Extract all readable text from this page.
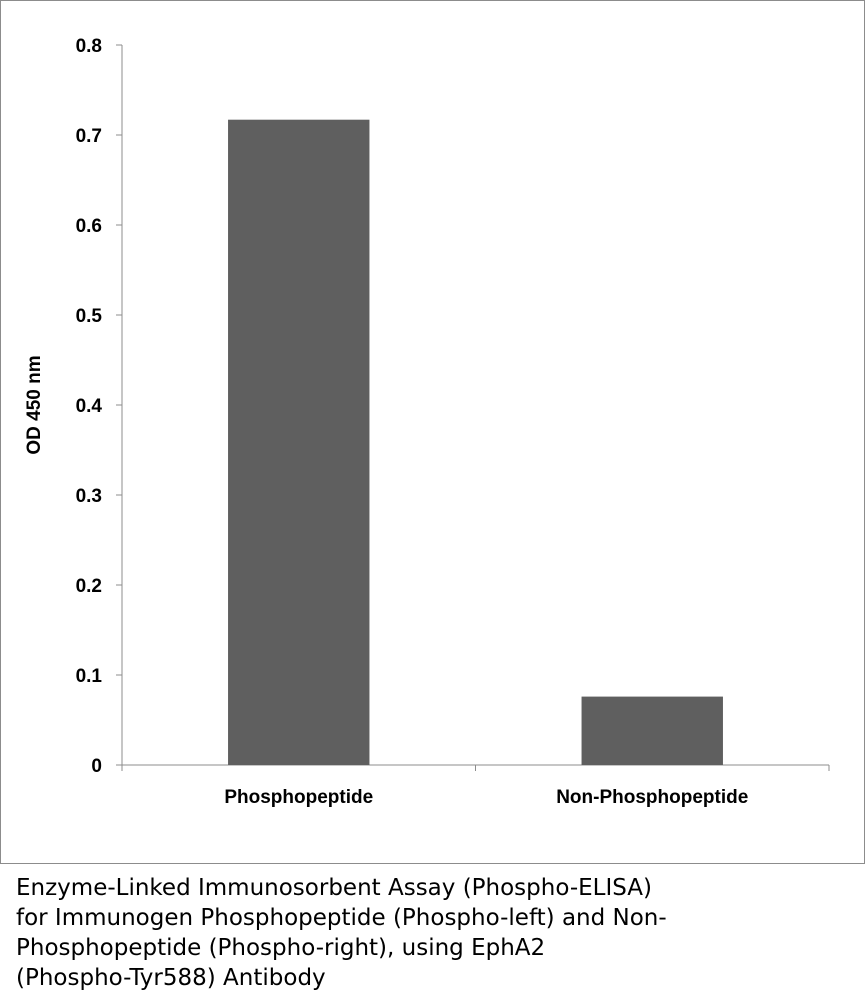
0
0.1
0.2
0.3
0.4
0.5
0.6
0.7
0.8
Phosphopeptide	Non-Phosphopeptide
OD 450 nm
Enzyme-Linked Immunosorbent Assay (Phospho-ELISA)
for Immunogen Phosphopeptide (Phospho-left) and Non-
Phosphopeptide (Phospho-right), using EphA2
(Phospho-Tyr588) Antibody
